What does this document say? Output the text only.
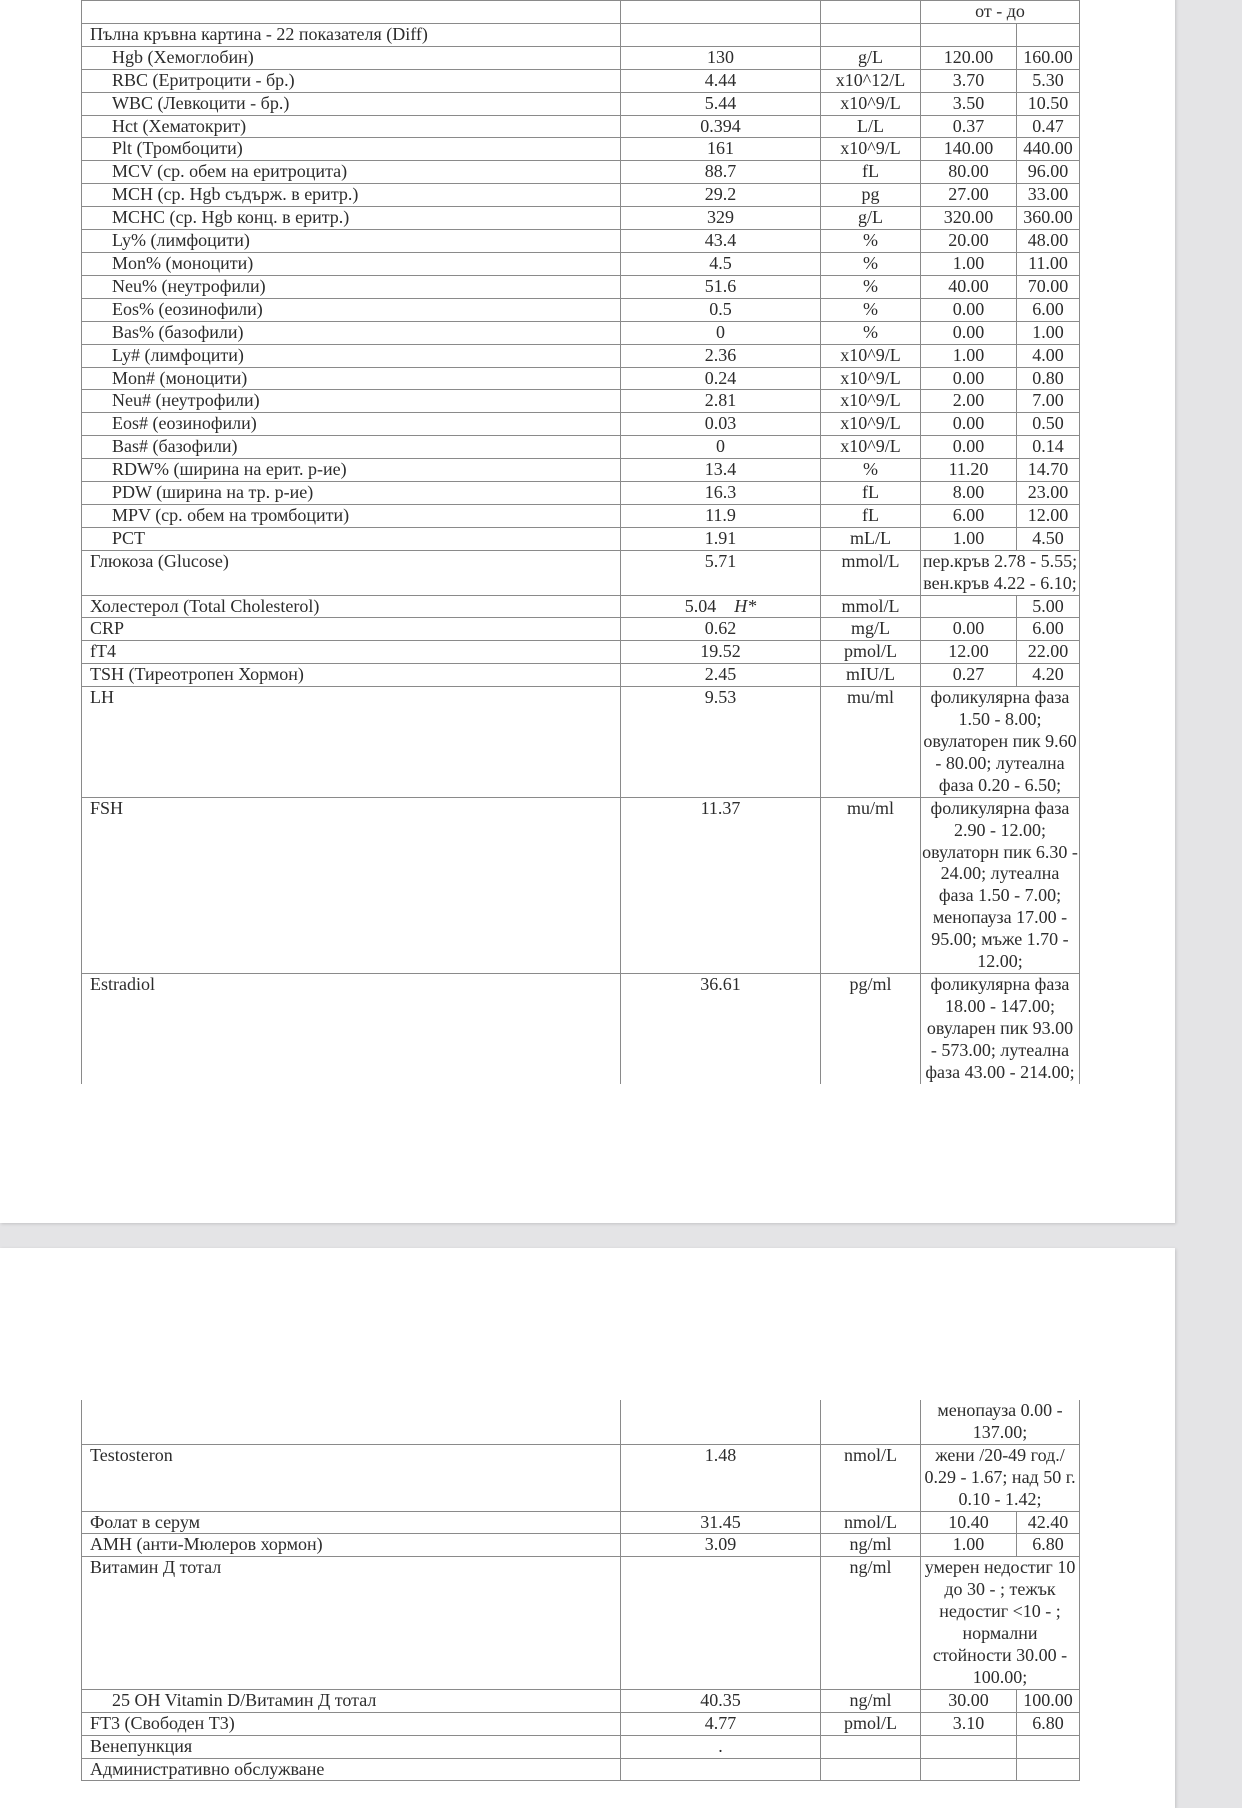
			от - до	
Пълна кръвна картина - 22 показателя (Diff)				
Hgb (Хемоглобин)	130	g/L	120.00	160.00
RBC (Еритроцити - бр.)	4.44	x10^12/L	3.70	5.30
WBC (Левкоцити - бр.)	5.44	x10^9/L	3.50	10.50
Hct (Хематокрит)	0.394	L/L	0.37	0.47
Plt (Тромбоцити)	161	x10^9/L	140.00	440.00
MCV (ср. обем на еритроцита)	88.7	fL	80.00	96.00
MCH (ср. Hgb съдърж. в еритр.)	29.2	pg	27.00	33.00
MCHC (ср. Hgb конц. в еритр.)	329	g/L	320.00	360.00
Ly% (лимфоцити)	43.4	%	20.00	48.00
Mon% (моноцити)	4.5	%	1.00	11.00
Neu% (неутрофили)	51.6	%	40.00	70.00
Eos% (еозинофили)	0.5	%	0.00	6.00
Bas% (базофили)	0	%	0.00	1.00
Ly# (лимфоцити)	2.36	x10^9/L	1.00	4.00
Mon# (моноцити)	0.24	x10^9/L	0.00	0.80
Neu# (неутрофили)	2.81	x10^9/L	2.00	7.00
Eos# (еозинофили)	0.03	x10^9/L	0.00	0.50
Bas# (базофили)	0	x10^9/L	0.00	0.14
RDW% (ширина на ерит. р-ие)	13.4	%	11.20	14.70
PDW (ширина на тр. р-ие)	16.3	fL	8.00	23.00
MPV (ср. обем на тромбоцити)	11.9	fL	6.00	12.00
PCT	1.91	mL/L	1.00	4.50
Глюкоза (Glucose)	5.71	mmol/L	пер.кръв 2.78 - 5.55; вен.кръв 4.22 - 6.10;	
Холестерол (Total Cholesterol)	5.04 H*	mmol/L		5.00
CRP	0.62	mg/L	0.00	6.00
fT4	19.52	pmol/L	12.00	22.00
TSH (Тиреотропен Хормон)	2.45	mIU/L	0.27	4.20
LH	9.53	mu/ml	фоликулярна фаза 1.50 - 8.00; овулаторен пик 9.60 - 80.00; лутеална фаза 0.20 - 6.50;	
FSH	11.37	mu/ml	фоликулярна фаза 2.90 - 12.00; овулаторн пик 6.30 - 24.00; лутеална фаза 1.50 - 7.00; менопауза 17.00 - 95.00; мъже 1.70 - 12.00;	
Estradiol	36.61	pg/ml	фоликулярна фаза 18.00 - 147.00; овуларен пик 93.00 - 573.00; лутеална фаза 43.00 - 214.00;	
			менопауза 0.00 - 137.00;	
Testosteron	1.48	nmol/L	жени /20-49 год./ 0.29 - 1.67; над 50 г. 0.10 - 1.42;	
Фолат в серум	31.45	nmol/L	10.40	42.40
AMH (анти-Мюлеров хормон)	3.09	ng/ml	1.00	6.80
Витамин Д тотал		ng/ml	умерен недостиг 10 до 30 - ; тежък недостиг <10 - ; нормални стойности 30.00 - 100.00;	
25 OH Vitamin D/Витамин Д тотал	40.35	ng/ml	30.00	100.00
FT3 (Свободен Т3)	4.77	pmol/L	3.10	6.80
Венепункция	.			
Административно обслужване				
